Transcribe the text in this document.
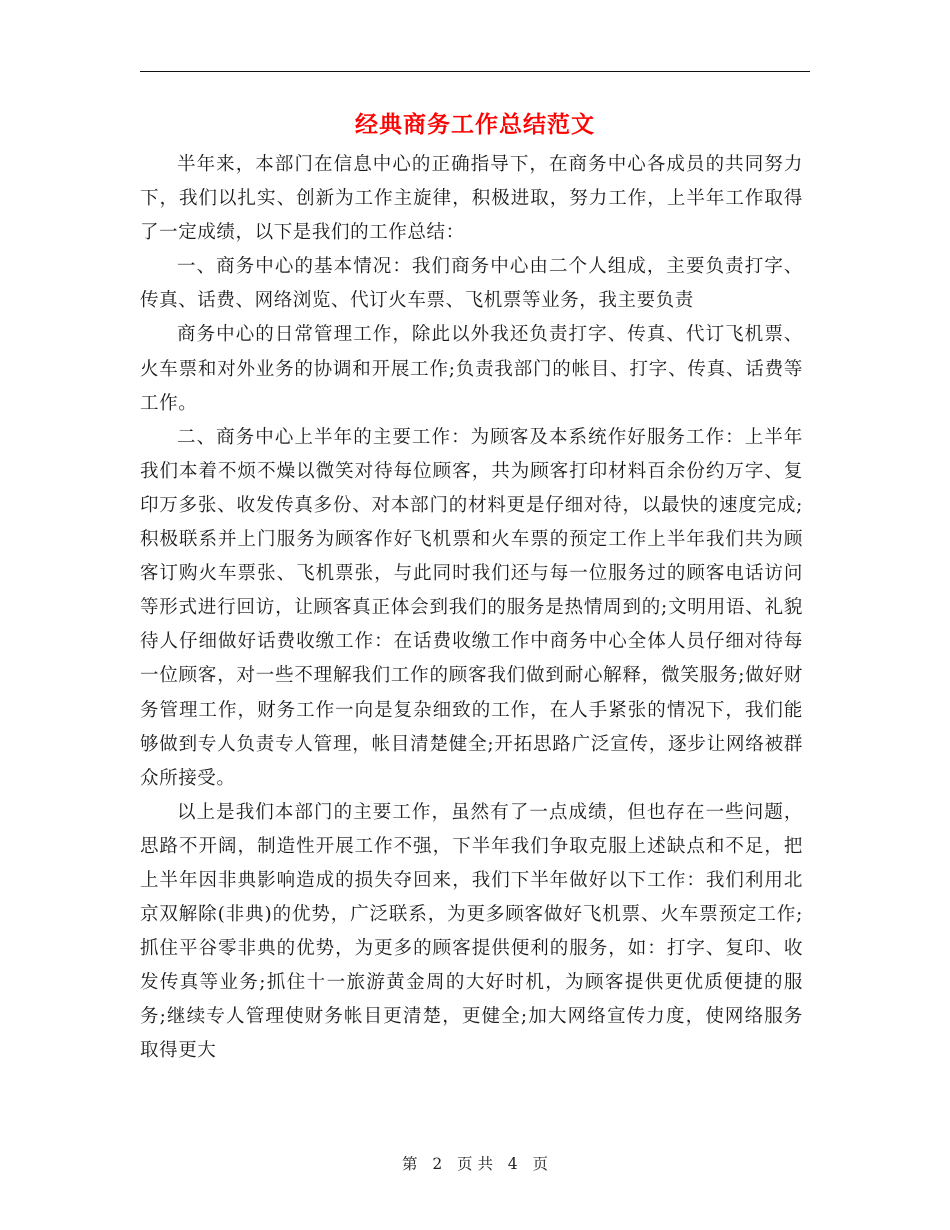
经典商务工作总结范文

半年来，本部门在信息中心的正确指导下，在商务中心各成员的共同努力下，我们以扎实、创新为工作主旋律，积极进取，努力工作，上半年工作取得了一定成绩，以下是我们的工作总结：

一、商务中心的基本情况：我们商务中心由二个人组成，主要负责打字、传真、话费、网络浏览、代订火车票、飞机票等业务，我主要负责

商务中心的日常管理工作，除此以外我还负责打字、传真、代订飞机票、火车票和对外业务的协调和开展工作;负责我部门的帐目、打字、传真、话费等工作。

二、商务中心上半年的主要工作：为顾客及本系统作好服务工作：上半年我们本着不烦不燥以微笑对待每位顾客，共为顾客打印材料百余份约万字、复印万多张、收发传真多份、对本部门的材料更是仔细对待，以最快的速度完成;积极联系并上门服务为顾客作好飞机票和火车票的预定工作上半年我们共为顾客订购火车票张、飞机票张，与此同时我们还与每一位服务过的顾客电话访问等形式进行回访，让顾客真正体会到我们的服务是热情周到的;文明用语、礼貌待人仔细做好话费收缴工作：在话费收缴工作中商务中心全体人员仔细对待每一位顾客，对一些不理解我们工作的顾客我们做到耐心解释，微笑服务;做好财务管理工作，财务工作一向是复杂细致的工作，在人手紧张的情况下，我们能够做到专人负责专人管理，帐目清楚健全;开拓思路广泛宣传，逐步让网络被群众所接受。

以上是我们本部门的主要工作，虽然有了一点成绩，但也存在一些问题，思路不开阔，制造性开展工作不强，下半年我们争取克服上述缺点和不足，把上半年因非典影响造成的损失夺回来，我们下半年做好以下工作：我们利用北京双解除(非典)的优势，广泛联系，为更多顾客做好飞机票、火车票预定工作;抓住平谷零非典的优势，为更多的顾客提供便利的服务，如：打字、复印、收发传真等业务;抓住十一旅游黄金周的大好时机，为顾客提供更优质便捷的服务;继续专人管理使财务帐目更清楚，更健全;加大网络宣传力度，使网络服务取得更大

第 2 页 共 4 页
